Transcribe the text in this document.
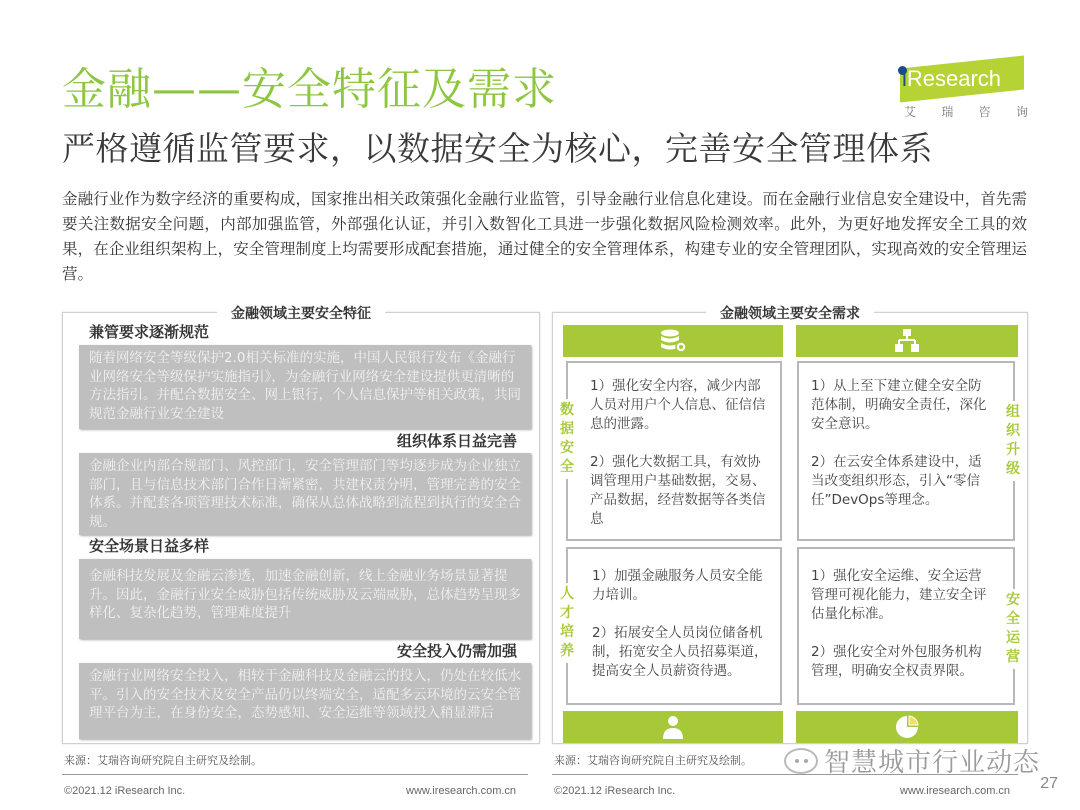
金融——安全特征及需求
严格遵循监管要求，以数据安全为核心，完善安全管理体系
iResearch
艾 瑞 咨 询
金融行业作为数字经济的重要构成，国家推出相关政策强化金融行业监管，引导金融行业信息化建设。而在金融行业信息安全建设中，首先需要关注数据安全问题，内部加强监管，外部强化认证，并引入数智化工具进一步强化数据风险检测效率。此外，为更好地发挥安全工具的效果，在企业组织架构上，安全管理制度上均需要形成配套措施，通过健全的安全管理体系，构建专业的安全管理团队，实现高效的安全管理运营。
金融领域主要安全特征
兼管要求逐渐规范
随着网络安全等级保护2.0相关标准的实施，中国人民银行发布《金融行业网络安全等级保护实施指引》，为金融行业网络安全建设提供更清晰的方法指引。并配合数据安全、网上银行，个人信息保护等相关政策，共同规范金融行业安全建设
组织体系日益完善
金融企业内部合规部门、风控部门，安全管理部门等均逐步成为企业独立部门，且与信息技术部门合作日渐紧密，共建权责分明，管理完善的安全体系。并配套各项管理技术标准，确保从总体战略到流程到执行的安全合规。
安全场景日益多样
金融科技发展及金融云渗透，加速金融创新，线上金融业务场景显著提升。因此，金融行业安全威胁包括传统威胁及云端威胁，总体趋势呈现多样化、复杂化趋势，管理难度提升
安全投入仍需加强
金融行业网络安全投入，相较于金融科技及金融云的投入，仍处在较低水平。引入的安全技术及安全产品仍以终端安全，适配多云环境的云安全管理平台为主，在身份安全，态势感知、安全运维等领域投入稍显滞后
来源：艾瑞咨询研究院自主研究及绘制。
©2021.12 iResearch Inc.	www.iresearch.com.cn
金融领域主要安全需求

1）强化安全内容，减少内部人员对用户个人信息、征信信息的泄露。

2）强化大数据工具，有效协调管理用户基础数据，交易、产品数据，经营数据等各类信息

1）从上至下建立健全安全防范体制，明确安全责任，深化安全意识。

2）在云安全体系建设中，适当改变组织形态，引入“零信任”DevOps等理念。

1）加强金融服务人员安全能力培训。

2）拓展安全人员岗位储备机制，拓宽安全人员招募渠道，提高安全人员薪资待遇。

1）强化安全运维、安全运营管理可视化能力，建立安全评估量化标准。

2）强化安全对外包服务机构管理，明确安全权责界限。

数据安全
组织升级
人才培养
安全运营
来源：艾瑞咨询研究院自主研究及绘制。
©2021.12 iResearch Inc.	www.iresearch.com.cn 27
智慧城市行业动态
